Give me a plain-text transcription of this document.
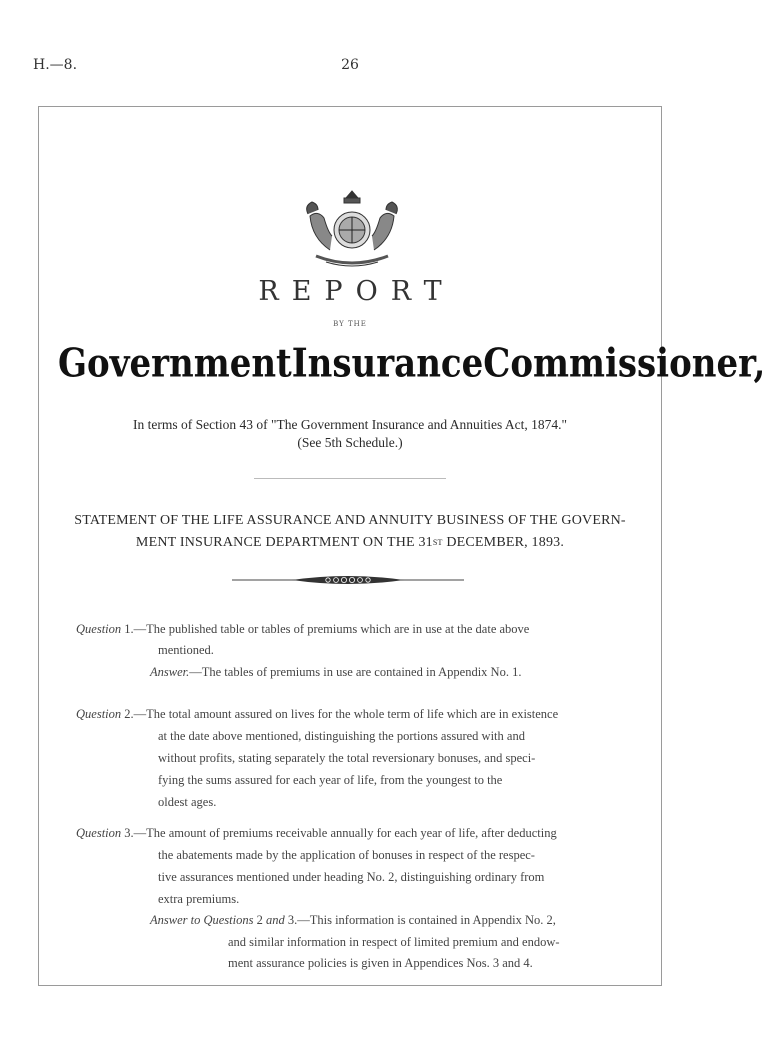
H.—8.	26
REPORT
BY THE
Government Insurance Commissioner,
In terms of Section 43 of "The Government Insurance and Annuities Act, 1874."
(See 5th Schedule.)
STATEMENT OF THE LIFE ASSURANCE AND ANNUITY BUSINESS OF THE GOVERN-
MENT INSURANCE DEPARTMENT ON THE 31ST DECEMBER, 1893.
Question 1.—The published table or tables of premiums which are in use at the date above
mentioned.
Answer.—The tables of premiums in use are contained in Appendix No. 1.
Question 2.—The total amount assured on lives for the whole term of life which are in existence
at the date above mentioned, distinguishing the portions assured with and
without profits, stating separately the total reversionary bonuses, and speci-
fying the sums assured for each year of life, from the youngest to the
oldest ages.
Question 3.—The amount of premiums receivable annually for each year of life, after deducting
the abatements made by the application of bonuses in respect of the respec-
tive assurances mentioned under heading No. 2, distinguishing ordinary from
extra premiums.
Answer to Questions 2 and 3.—This information is contained in Appendix No. 2,
and similar information in respect of limited premium and endow-
ment assurance policies is given in Appendices Nos. 3 and 4.
